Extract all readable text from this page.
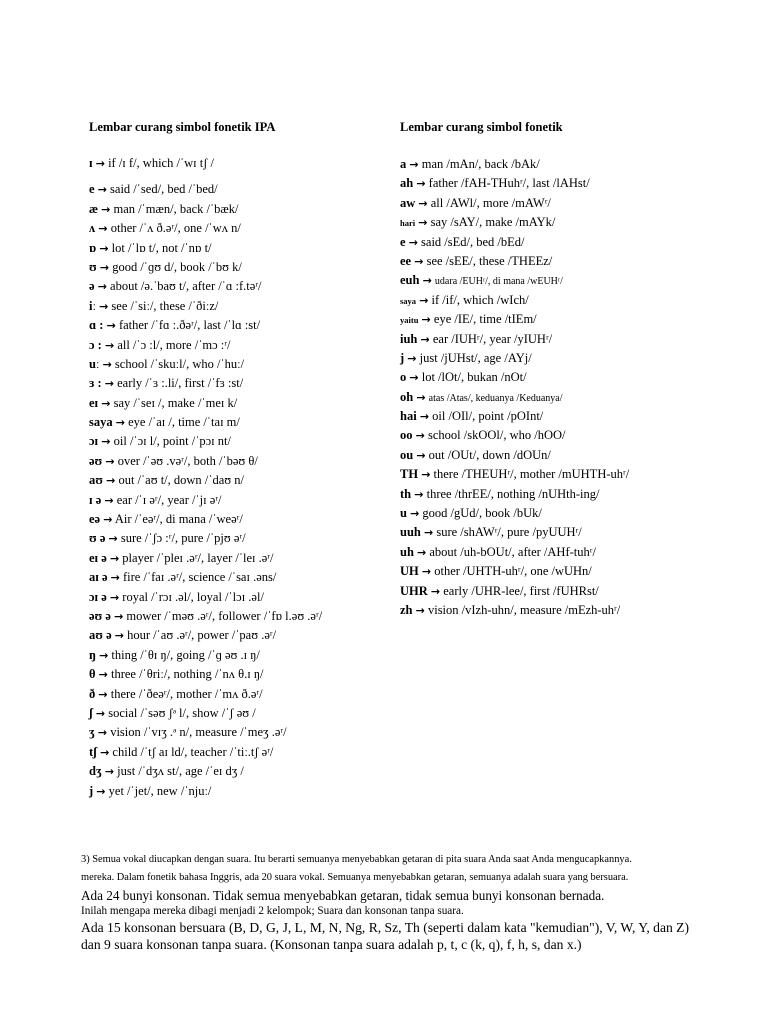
Lembar curang simbol fonetik IPA
ɪ → if /ɪ f/, which /ˈwɪ tʃ /
e → said /ˈsed/, bed /ˈbed/
æ → man /ˈmæn/, back /ˈbæk/
ʌ → other /ˈʌ ð.əʳ/, one /ˈwʌ n/
ɒ → lot /ˈlɒ t/, not /ˈnɒ t/
ʊ → good /ˈɡʊ d/, book /ˈbʊ k/
ə → about /ə.ˈbaʊ t/, after /ˈɑ :f.təʳ/
iː → see /ˈsiː/, these /ˈðiːz/
ɑ : → father /ˈfɑ :.ðəʳ/, last /ˈlɑ :st/
ɔ : → all /ˈɔ :l/, more /ˈmɔ :ʳ/
uː → school /ˈskuːl/, who /ˈhuː/
ɜ : → early /ˈɜ :.li/, first /ˈfɜ :st/
eɪ → say /ˈseɪ /, make /ˈmeɪ k/
saya → eye /ˈaɪ /, time /ˈtaɪ m/
ɔɪ → oil /ˈɔɪ l/, point /ˈpɔɪ nt/
əʊ → over /ˈəʊ .vəʳ/, both /ˈbəʊ θ/
aʊ → out /ˈaʊ t/, down /ˈdaʊ n/
ɪ ə → ear /ˈɪ əʳ/, year /ˈjɪ əʳ/
eə → Air /ˈeəʳ/, di mana /ˈweəʳ/
ʊ ə → sure /ˈʃɔ :ʳ/, pure /ˈpjʊ əʳ/
eɪ ə → player /ˈpleɪ .əʳ/, layer /ˈleɪ .əʳ/
aɪ ə → fire /ˈfaɪ .əʳ/, science /ˈsaɪ .əns/
ɔɪ ə → royal /ˈrɔɪ .əl/, loyal /ˈlɔɪ .əl/
əʊ ə → mower /ˈməʊ .əʳ/, follower /ˈfɒ l.əʊ .əʳ/
aʊ ə → hour /ˈaʊ .əʳ/, power /ˈpaʊ .əʳ/
ŋ → thing /ˈθɪ ŋ/, going /ˈɡ əʊ .ɪ ŋ/
θ → three /ˈθriː/, nothing /ˈnʌ θ.ɪ ŋ/
ð → there /ˈðeəʳ/, mother /ˈmʌ ð.əʳ/
ʃ → social /ˈsəʊ ʃᵊ l/, show /ˈʃ əʊ /
ʒ → vision /ˈvɪʒ .ᵊ n/, measure /ˈmeʒ .əʳ/
tʃ → child /ˈtʃ aɪ ld/, teacher /ˈtiː.tʃ əʳ/
dʒ → just /ˈdʒʌ st/, age /ˈeɪ dʒ /
j → yet /ˈjet/, new /ˈnjuː/
Lembar curang simbol fonetik
a → man /mAn/, back /bAk/
ah → father /fAH-THuhʳ/, last /lAHst/
aw → all /AWl/, more /mAWʳ/
hari → say /sAY/, make /mAYk/
e → said /sEd/, bed /bEd/
ee → see /sEE/, these /THEEz/
euh → udara /EUHʳ/, di mana /wEUHʳ/
saya → if /if/, which /wIch/
yaitu → eye /IE/, time /tIEm/
iuh → ear /IUHʳ/, year /yIUHʳ/
j → just /jUHst/, age /AYj/
o → lot /lOt/, bukan /nOt/
oh → atas /Atas/, keduanya /Keduanya/
hai → oil /OIl/, point /pOInt/
oo → school /skOOl/, who /hOO/
ou → out /OUt/, down /dOUn/
TH → there /THEUHʳ/, mother /mUHTH-uhʳ/
th → three /thrEE/, nothing /nUHth-ing/
u → good /gUd/, book /bUk/
uuh → sure /shAWʳ/, pure /pyUUHʳ/
uh → about /uh-bOUt/, after /AHf-tuhʳ/
UH → other /UHTH-uhʳ/, one /wUHn/
UHR → early /UHR-lee/, first /fUHRst/
zh → vision /vIzh-uhn/, measure /mEzh-uhʳ/

3) Semua vokal diucapkan dengan suara. Itu berarti semuanya menyebabkan getaran di pita suara Anda saat Anda mengucapkannya.

mereka. Dalam fonetik bahasa Inggris, ada 20 suara vokal. Semuanya menyebabkan getaran, semuanya adalah suara yang bersuara.

Ada 24 bunyi konsonan. Tidak semua menyebabkan getaran, tidak semua bunyi konsonan bernada.

Inilah mengapa mereka dibagi menjadi 2 kelompok; Suara dan konsonan tanpa suara.

Ada 15 konsonan bersuara (B, D, G, J, L, M, N, Ng, R, Sz, Th (seperti dalam kata "kemudian"), V, W, Y, dan Z)

dan 9 suara konsonan tanpa suara. (Konsonan tanpa suara adalah p, t, c (k, q), f, h, s, dan x.)
